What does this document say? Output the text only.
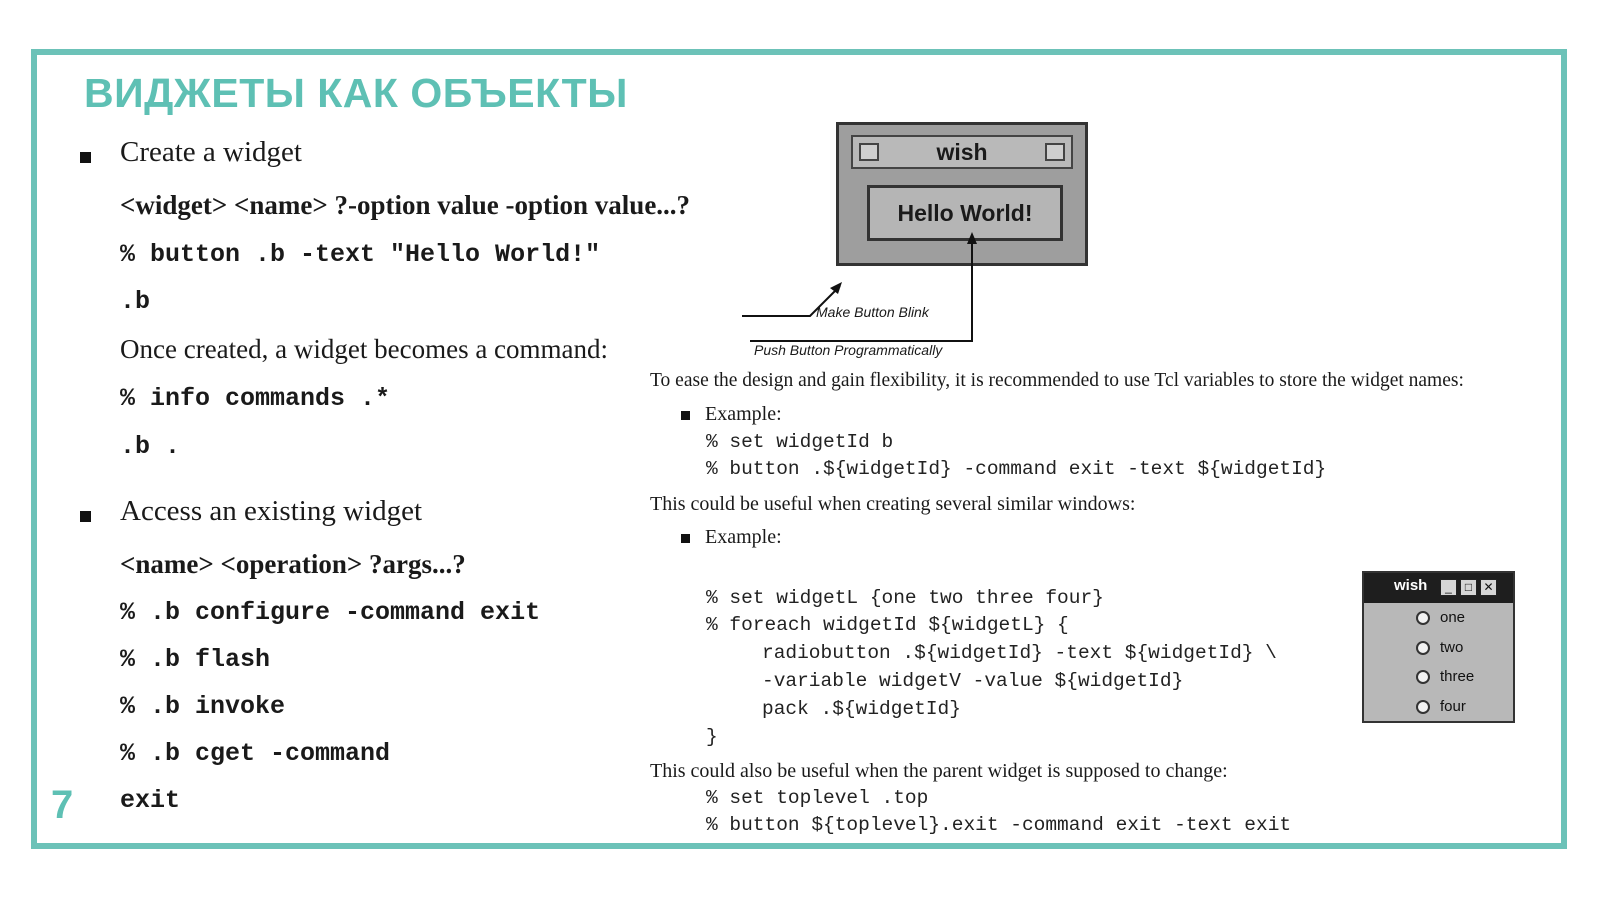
ВИДЖЕТЫ КАК ОБЪЕКТЫ
7
Create a widget
<widget> <name> ?-option value -option value...?
% button .b -text "Hello World!"
.b
Once created, a widget becomes a command:
% info commands .*
.b .
Access an existing widget
<name> <operation> ?args...?
% .b configure -command exit
% .b flash
% .b invoke
% .b cget -command
exit
wish
Hello World!
Make Button Blink
Push Button Programmatically
To ease the design and gain flexibility, it is recommended to use Tcl variables to store the widget names:
Example:
% set widgetId b
% button .${widgetId} -command exit -text ${widgetId}
This could be useful when creating several similar windows:
Example:
% set widgetL {one two three four}
% foreach widgetId ${widgetL} {
radiobutton .${widgetId} -text ${widgetId} \
-variable widgetV -value ${widgetId}
pack .${widgetId}
}
This could also be useful when the parent widget is supposed to change:
% set toplevel .top
% button ${toplevel}.exit -command exit -text exit
wish	_	□ ✕
one
two
three
four
